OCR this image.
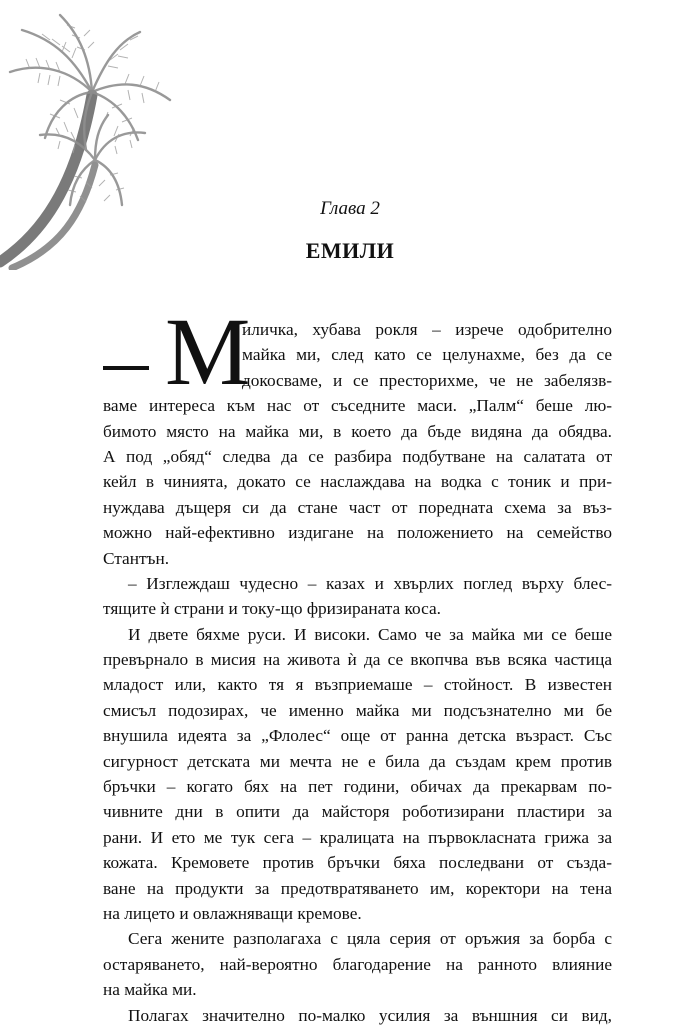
Глава 2
ЕМИЛИ
М
иличка, хубава рокля – изрече одобрително
майка ми, след като се целунахме, без да се
докосваме, и се престорихме, че не забелязв-
ваме интереса към нас от съседните маси. „Палм“ беше лю-
бимото място на майка ми, в което да бъде видяна да обядва.
А под „обяд“ следва да се разбира подбутване на салатата от
кейл в чинията, докато се наслаждава на водка с тоник и при-
нуждава дъщеря си да стане част от поредната схема за въз-
можно най-ефективно издигане на положението на семейство
Стантън.
– Изглеждаш чудесно – казах и хвърлих поглед върху блес-
тящите ѝ страни и току-що фризираната коса.
И двете бяхме руси. И високи. Само че за майка ми се беше
превърнало в мисия на живота ѝ да се вкопчва във всяка частица
младост или, както тя я възприемаше – стойност. В известен
смисъл подозирах, че именно майка ми подсъзнателно ми бе
внушила идеята за „Флолес“ още от ранна детска възраст. Със
сигурност детската ми мечта не е била да създам крем против
бръчки – когато бях на пет години, обичах да прекарвам по-
чивните дни в опити да майсторя роботизирани пластири за
рани. И ето ме тук сега – кралицата на първокласната грижа за
кожата. Кремовете против бръчки бяха последвани от създа-
ване на продукти за предотвратяването им, коректори на тена
на лицето и овлажняващи кремове.
Сега жените разполагаха с цяла серия от оръжия за борба с
остаряването, най-вероятно благодарение на ранното влияние
на майка ми.
Полагах значително по-малко усилия за външния си вид,
